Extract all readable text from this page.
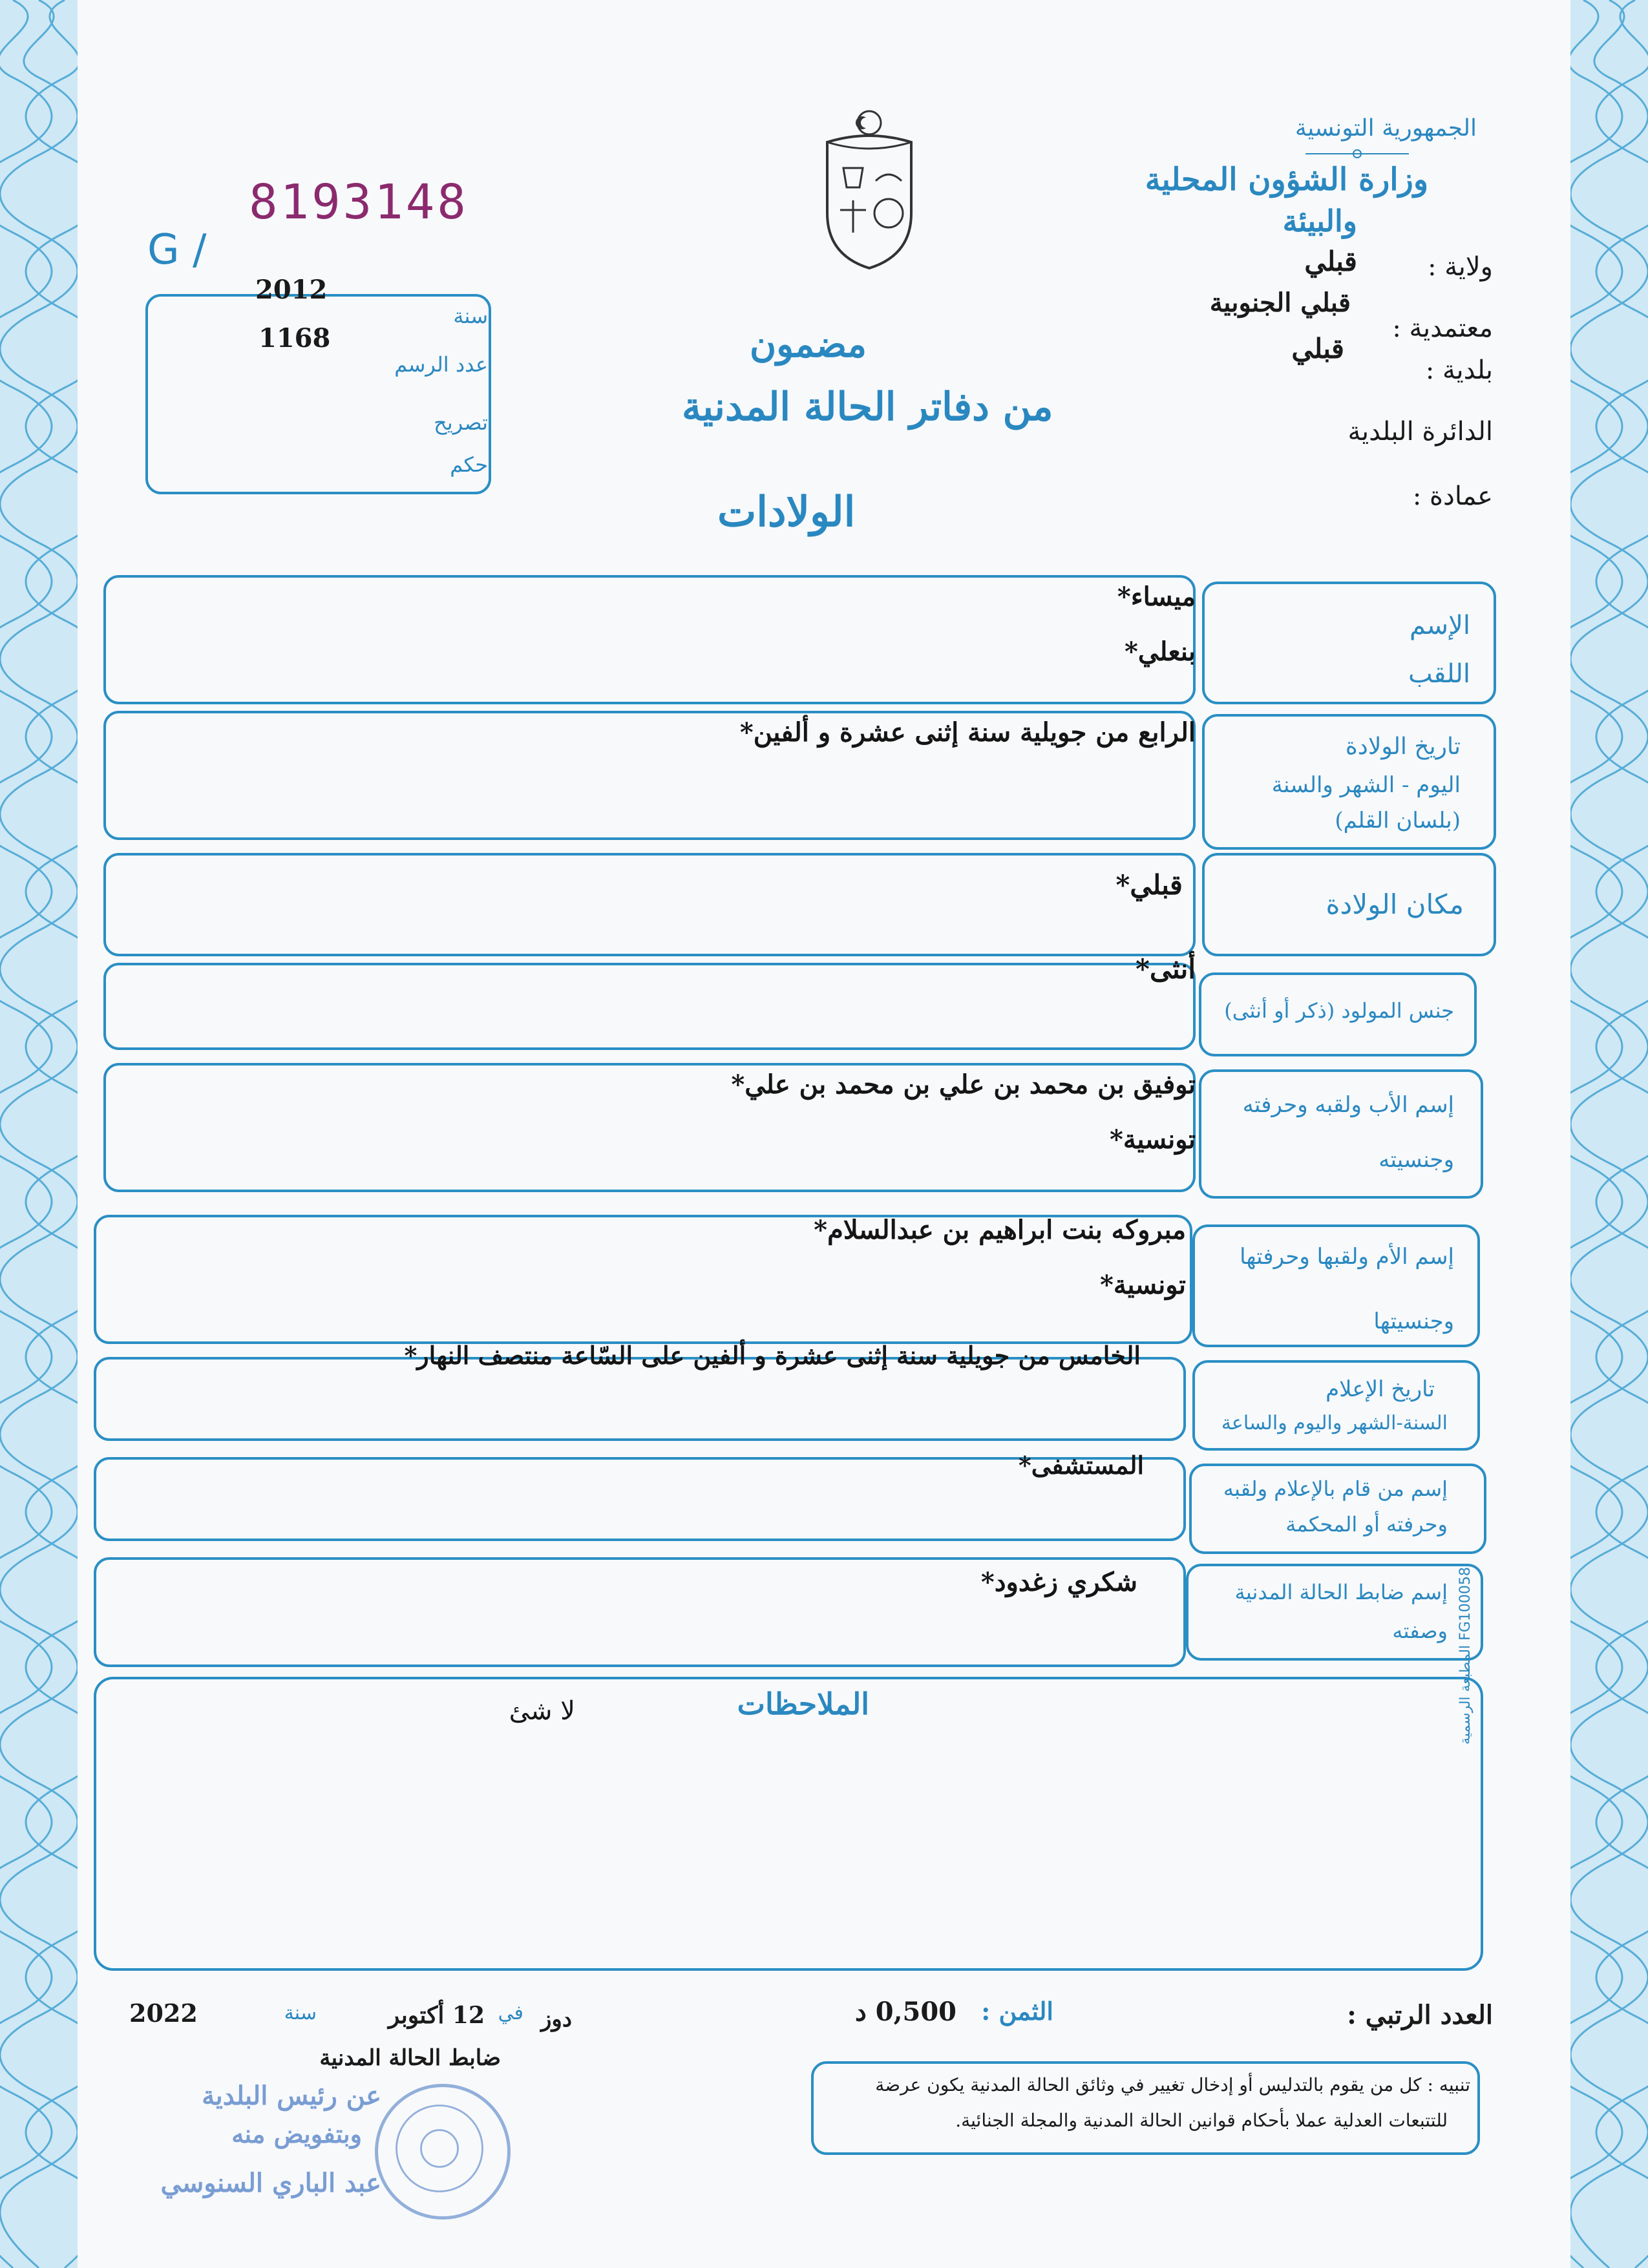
8193148
G /
2012
1168
سنة
عدد الرسم
تصريح
حكم
الجمهورية التونسية
وزارة الشؤون المحلية
والبيئة
ولاية :
قبلي
قبلي الجنوبية
معتمدية :
قبلي
بلدية :
الدائرة البلدية
عمادة :
مضمون
من دفاتر الحالة المدنية
الولادات
الإسم
اللقب
ميساء*
بنعلي*
تاريخ الولادة
اليوم - الشهر والسنة
(بلسان القلم)
الرابع من جويلية سنة إثنى عشرة و ألفين*
مكان الولادة
قبلي*
جنس المولود (ذكر أو أنثى)
أنثى*
إسم الأب ولقبه وحرفته
وجنسيته
توفيق بن محمد بن علي بن محمد بن علي*
تونسية*
إسم الأم ولقبها وحرفتها
وجنسيتها
مبروكه بنت ابراهيم بن عبدالسلام*
تونسية*
تاريخ الإعلام
السنة-الشهر واليوم والساعة
الخامس من جويلية سنة إثنى عشرة و ألفين على السّاعة منتصف النهار*
إسم من قام بالإعلام ولقبه
وحرفته أو المحكمة
المستشفى*
إسم ضابط الحالة المدنية
وصفته
شكري زغدود*
الملاحظات
لا شئ	المطبعة الرسمية FG100058
العدد الرتبي :
الثمن :
0,500 د
دوز
في
12 أكتوبر
سنة
2022
ضابط الحالة المدنية
تنبيه : كل من يقوم بالتدليس أو إدخال تغيير في وثائق الحالة المدنية يكون عرضة
للتتبعات العدلية عملا بأحكام قوانين الحالة المدنية والمجلة الجنائية.
عن رئيس البلدية
وبتفويض منه
عبد الباري السنوسي
